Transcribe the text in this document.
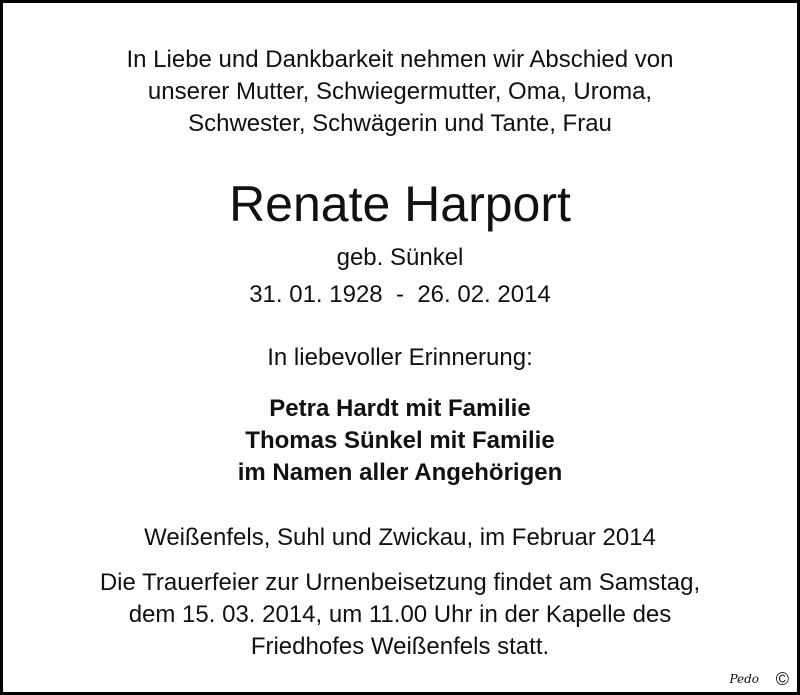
In Liebe und Dankbarkeit nehmen wir Abschied von
unserer Mutter, Schwiegermutter, Oma, Uroma,
Schwester, Schwägerin und Tante, Frau
Renate Harport
geb. Sünkel
31. 01. 1928  -  26. 02. 2014
In liebevoller Erinnerung:
Petra Hardt mit Familie
Thomas Sünkel mit Familie
im Namen aller Angehörigen
Weißenfels, Suhl und Zwickau, im Februar 2014
Die Trauerfeier zur Urnenbeisetzung findet am Samstag,
dem 15. 03. 2014, um 11.00 Uhr in der Kapelle des
Friedhofes Weißenfels statt.
Pedo ©
